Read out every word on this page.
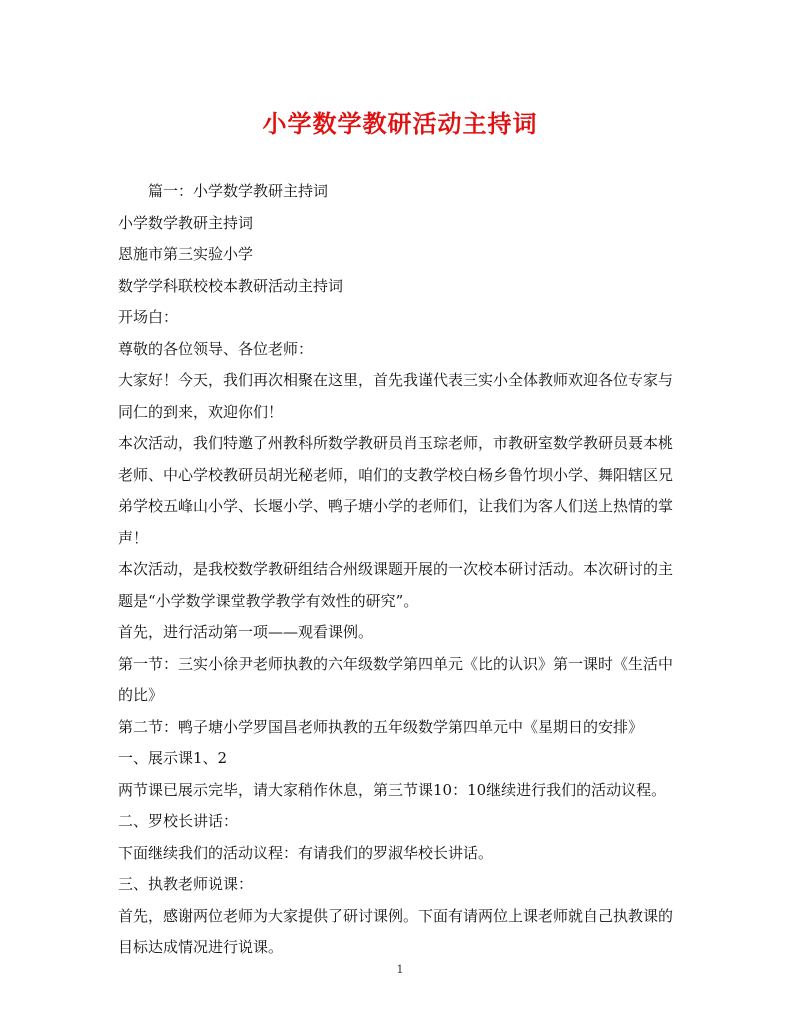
小学数学教研活动主持词

篇一：小学数学教研主持词

小学数学教研主持词

恩施市第三实验小学

数学学科联校校本教研活动主持词

开场白：

尊敬的各位领导、各位老师：

大家好！今天，我们再次相聚在这里，首先我谨代表三实小全体教师欢迎各位专家与同仁的到来，欢迎你们！

本次活动，我们特邀了州教科所数学教研员肖玉琮老师，市教研室数学教研员聂本桃老师、中心学校教研员胡光秘老师，咱们的支教学校白杨乡鲁竹坝小学、舞阳辖区兄弟学校五峰山小学、长堰小学、鸭子塘小学的老师们，让我们为客人们送上热情的掌声！

本次活动，是我校数学教研组结合州级课题开展的一次校本研讨活动。本次研讨的主题是“小学数学课堂教学教学有效性的研究”。

首先，进行活动第一项——观看课例。

第一节：三实小徐尹老师执教的六年级数学第四单元《比的认识》第一课时《生活中的比》

第二节：鸭子塘小学罗国昌老师执教的五年级数学第四单元中《星期日的安排》

一、展示课1、2

两节课已展示完毕，请大家稍作休息，第三节课10：10继续进行我们的活动议程。

二、罗校长讲话：

下面继续我们的活动议程：有请我们的罗淑华校长讲话。

三、执教老师说课：

首先，感谢两位老师为大家提供了研讨课例。下面有请两位上课老师就自己执教课的目标达成情况进行说课。

1
